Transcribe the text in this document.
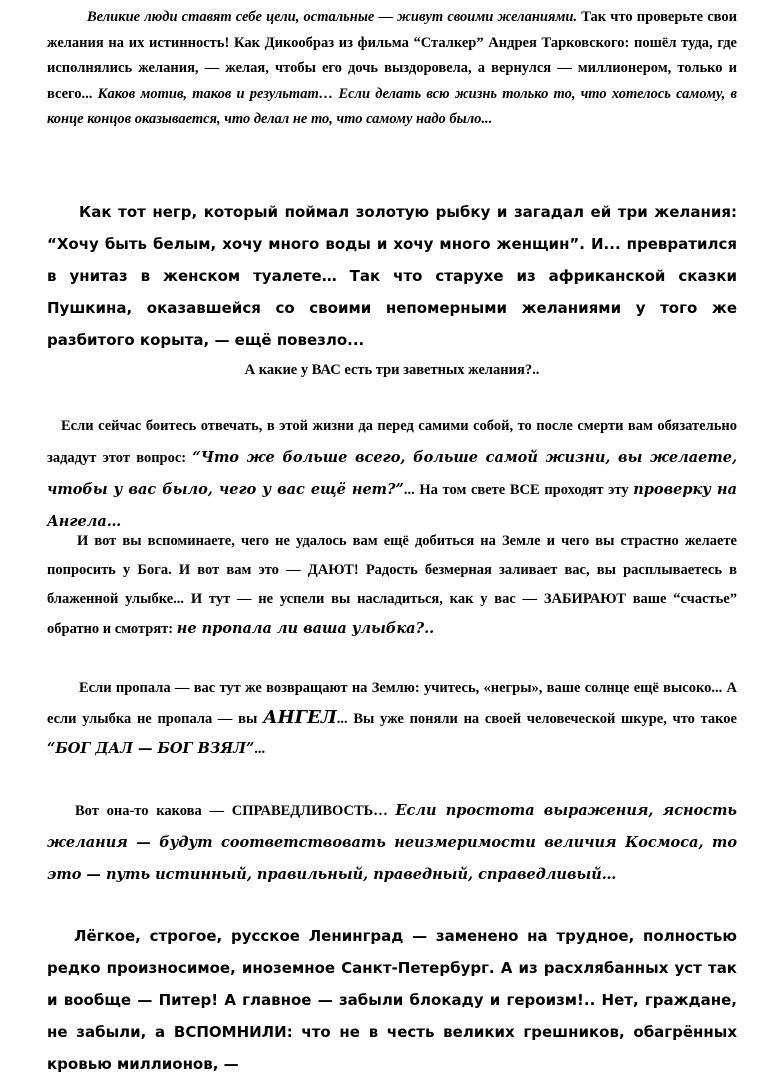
Великие люди ставят себе цели, остальные — живут своими желаниями. Так что проверьте свои желания на их истинность! Как Дикообраз из фильма “Сталкер” Андрея Тарковского: пошёл туда, где исполнялись желания, — желая, чтобы его дочь выздоровела, а вернулся — миллионером, только и всего... Каков мотив, таков и результат… Если делать всю жизнь только то, что хотелось самому, в конце концов оказывается, что делал не то, что самому надо было...

Как тот негр, который поймал золотую рыбку и загадал ей три желания: “Хочу быть белым, хочу много воды и хочу много женщин”. И... превратился в унитаз в женском туалете… Так что старухе из африканской сказки Пушкина, оказавшейся со своими непомерными желаниями у того же разбитого корыта, — ещё повезло...

А какие у ВАС есть три заветных желания?..

Если сейчас боитесь отвечать, в этой жизни да перед самими собой, то после смерти вам обязательно зададут этот вопрос: “Что же больше всего, больше самой жизни, вы желаете, чтобы у вас было, чего у вас ещё нет?”... На том свете ВСЕ проходят эту проверку на Ангела…

И вот вы вспоминаете, чего не удалось вам ещё добиться на Земле и чего вы страстно желаете попросить у Бога. И вот вам это — ДАЮТ! Радость безмерная заливает вас, вы расплываетесь в блаженной улыбке... И тут — не успели вы насладиться, как у вас — ЗАБИРАЮТ ваше “счастье” обратно и смотрят: не пропала ли ваша улыбка?..

Если пропала — вас тут же возвращают на Землю: учитесь, «негры», ваше солнце ещё высоко... А если улыбка не пропала — вы АНГЕЛ... Вы уже поняли на своей человеческой шкуре, что такое “БОГ ДАЛ — БОГ ВЗЯЛ”...

Вот она-то какова — СПРАВЕДЛИВОСТЬ… Если простота выражения, ясность желания — будут соответствовать неизмеримости величия Космоса, то это — путь истинный, правильный, праведный, справедливый…

Лёгкое, строгое, русское Ленинград — заменено на трудное, полностью редко произносимое, иноземное Санкт-Петербург. А из расхлябанных уст так и вообще — Питер! А главное — забыли блокаду и героизм!.. Нет, граждане, не забыли, а ВСПОМНИЛИ: что не в честь великих грешников, обагрённых кровью миллионов, —
